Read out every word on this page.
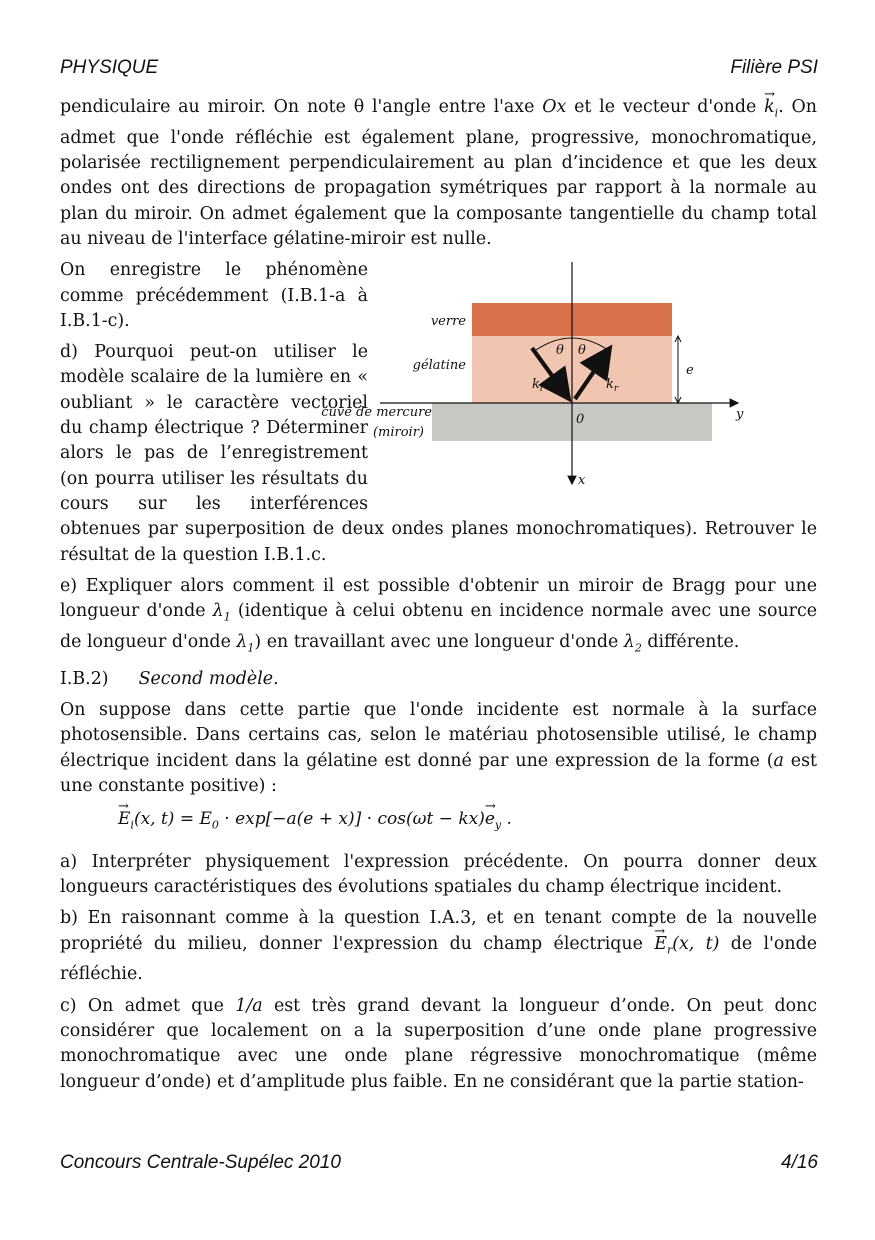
PHYSIQUE	Filière PSI

pendiculaire au miroir. On note θ l'angle entre l'axe Ox et le vecteur d'onde → $k_i$. On admet que l'onde réfléchie est également plane, progressive, monochromatique, polarisée rectilignement perpendiculairement au plan d’incidence et que les deux ondes ont des directions de propagation symétriques par rapport à la normale au plan du miroir. On admet également que la composante tangentielle du champ total au niveau de l'interface gélatine-miroir est nulle.

verre
gélatine
cuve de mercure
(miroir)
θ θ
$k_i$	$k_r$
e
0
x
y

On enregistre le phénomène comme précédemment (I.B.1-a à I.B.1-c).

d) Pourquoi peut-on utiliser le modèle scalaire de la lumière en « oubliant » le caractère vectoriel du champ électrique ? Déterminer alors le pas de l’enregistrement (on pourra utiliser les résultats du cours sur les interférences obtenues par superposition de deux ondes planes monochromatiques). Retrouver le résultat de la question I.B.1.c.

e) Expliquer alors comment il est possible d'obtenir un miroir de Bragg pour une longueur d'onde $\lambda_1$ (identique à celui obtenu en incidence normale avec une source de longueur d'onde $\lambda_1$) en travaillant avec une longueur d'onde $\lambda_2$ différente.

I.B.2) Second modèle.

On suppose dans cette partie que l'onde incidente est normale à la surface photosensible. Dans certains cas, selon le matériau photosensible utilisé, le champ électrique incident dans la gélatine est donné par une expression de la forme (a est une constante positive) :

→ $E_i(x$, $t) = E_0 \cdot \exp[-a(e + x)] \cdot \cos(\omega t - kx)\to e_y$ .

a) Interpréter physiquement l'expression précédente. On pourra donner deux longueurs caractéristiques des évolutions spatiales du champ électrique incident.

b) En raisonnant comme à la question I.A.3, et en tenant compte de la nouvelle propriété du milieu, donner l'expression du champ électrique → $E_r(x$, t) de l'onde réfléchie.

c) On admet que 1/a est très grand devant la longueur d’onde. On peut donc considérer que localement on a la superposition d’une onde plane progressive monochromatique avec une onde plane régressive monochromatique (même longueur d’onde) et d’amplitude plus faible. En ne considérant que la partie station-

Concours Centrale-Supélec 2010	4/16
